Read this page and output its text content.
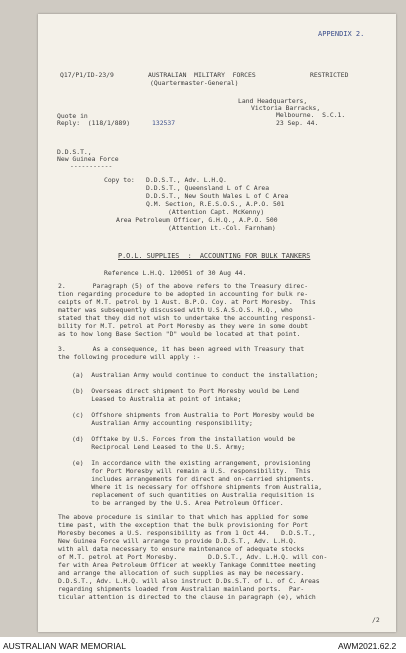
APPENDIX 2.
Q17/P1/ID-23/9	AUSTRALIAN  MILITARY  FORCES	RESTRICTED
(Quartermaster-General)
Land Headquarters,
Victoria Barracks,
Melbourne.  S.C.1.
23 Sep. 44.
Quote in
Reply:  (118/1/889)	132537
D.D.S.T.,
New Guinea Force
-----------
Copy to: D.D.S.T., Adv. L.H.Q.
D.D.S.T., Queensland L of C Area
D.D.S.T., New South Wales L of C Area
Q.M. Section, R.E.S.O.S., A.P.O. 501
(Attention Capt. McKenny)
Area Petroleum Officer, G.H.Q., A.P.O. 500
(Attention Lt.-Col. Farnham)
P.O.L. SUPPLIES  :  ACCOUNTING FOR BULK TANKERS
Reference L.H.Q. 120051 of 30 Aug 44.
2.       Paragraph (5) of the above refers to the Treasury direc-
tion regarding procedure to be adopted in accounting for bulk re-
ceipts of M.T. petrol by 1 Aust. B.P.O. Coy. at Port Moresby.  This
matter was subsequently discussed with U.S.A.S.O.S. H.Q., who
stated that they did not wish to undertake the accounting responsi-
bility for M.T. petrol at Port Moresby as they were in some doubt
as to how long Base Section "D" would be located at that point.
3.       As a consequence, it has been agreed with Treasury that
the following procedure will apply :-
(a)  Australian Army would continue to conduct the installation;
(b)  Overseas direct shipment to Port Moresby would be Lend
Leased to Australia at point of intake;
(c)  Offshore shipments from Australia to Port Moresby would be
Australian Army accounting responsibility;
(d)  Offtake by U.S. Forces from the installation would be
Reciprocal Lend Leased to the U.S. Army;
(e)  In accordance with the existing arrangement, provisioning
for Port Moresby will remain a U.S. responsibility.  This
includes arrangements for direct and on-carried shipments.
Where it is necessary for offshore shipments from Australia,
replacement of such quantities on Australia requisition is
to be arranged by the U.S. Area Petroleum Officer.
The above procedure is similar to that which has applied for some
time past, with the exception that the bulk provisioning for Port
Moresby becomes a U.S. responsibility as from 1 Oct 44.   D.D.S.T.,
New Guinea Force will arrange to provide D.D.S.T., Adv. L.H.Q.
with all data necessary to ensure maintenance of adequate stocks
of M.T. petrol at Port Moresby.        D.D.S.T., Adv. L.H.Q. will con-
fer with Area Petroleum Officer at weekly Tankage Committee meeting
and arrange the allocation of such supplies as may be necessary.
D.D.S.T., Adv. L.H.Q. will also instruct D.Ds.S.T. of L. of C. Areas
regarding shipments loaded from Australian mainland ports.  Par-
ticular attention is directed to the clause in paragraph (e), which
/2
AUSTRALIAN WAR MEMORIAL	AWM2021.62.2
